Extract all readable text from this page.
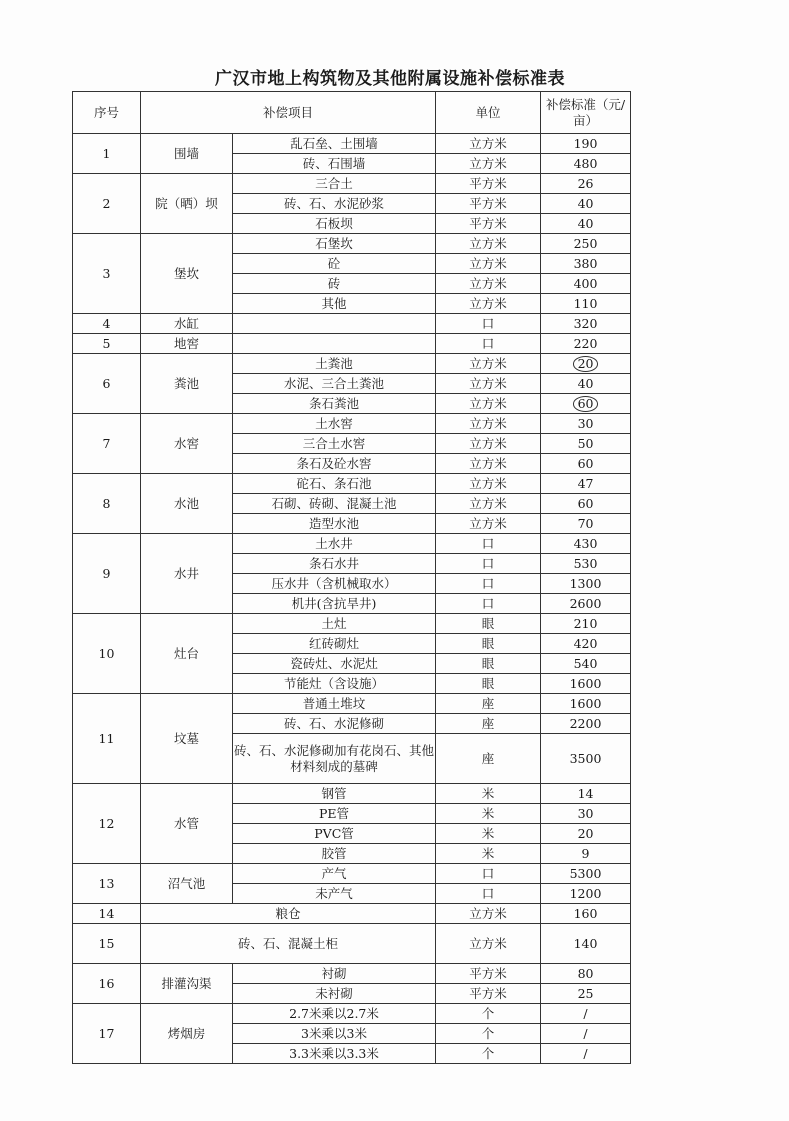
广汉市地上构筑物及其他附属设施补偿标准表
序号	补偿项目		单位	补偿标准（元/亩）
1	围墙	乱石垒、土围墙	立方米	190
		砖、石围墙	立方米	480
2	院（晒）坝	三合土	平方米	26
		砖、石、水泥砂浆	平方米	40
		石板坝	平方米	40
3	堡坎	石堡坎	立方米	250
		砼	立方米	380
		砖	立方米	400
		其他	立方米	110
4	水缸		口	320
5	地窖		口	220
6	粪池	土粪池	立方米	20
		水泥、三合土粪池	立方米	40
		条石粪池	立方米	60
7	水窖	土水窖	立方米	30
		三合土水窖	立方米	50
		条石及砼水窖	立方米	60
8	水池	砣石、条石池	立方米	47
		石砌、砖砌、混凝土池	立方米	60
		造型水池	立方米	70
9	水井	土水井	口	430
		条石水井	口	530
		压水井（含机械取水）	口	1300
		机井(含抗旱井)	口	2600
10	灶台	土灶	眼	210
		红砖砌灶	眼	420
		瓷砖灶、水泥灶	眼	540
		节能灶（含设施）	眼	1600
11	坟墓	普通土堆坟	座	1600
		砖、石、水泥修砌	座	2200
		砖、石、水泥修砌加有花岗石、其他材料刻成的墓碑	座	3500
12	水管	钢管	米	14
		PE管	米	30
		PVC管	米	20
		胶管	米	9
13	沼气池	产气	口	5300
		未产气	口	1200
14	粮仓		立方米	160
15	砖、石、混凝土柜		立方米	140
16	排灌沟渠	衬砌	平方米	80
		未衬砌	平方米	25
17	烤烟房	2.7米乘以2.7米	个	/
		3米乘以3米	个	/
		3.3米乘以3.3米	个	/
